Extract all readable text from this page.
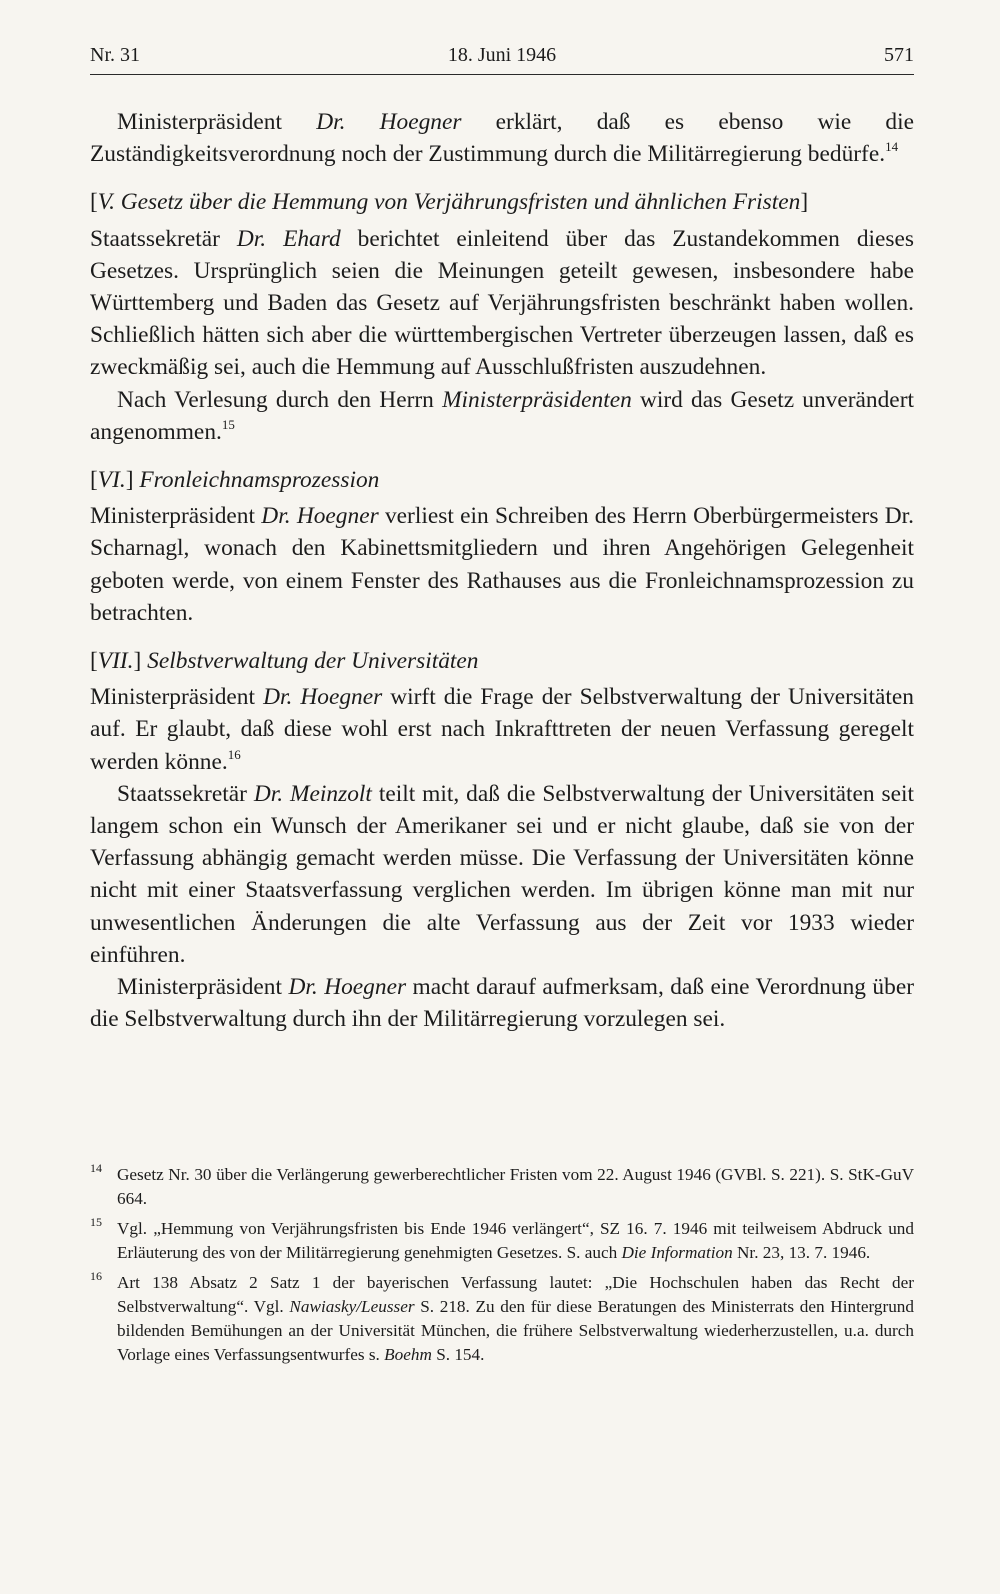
Nr. 31	18. Juni 1946	571

Ministerpräsident Dr. Hoegner erklärt, daß es ebenso wie die Zuständigkeitsverordnung noch der Zustimmung durch die Militärregierung bedürfe.$^{14}$

[V. Gesetz über die Hemmung von Verjährungsfristen und ähnlichen Fristen]

Staatssekretär Dr. Ehard berichtet einleitend über das Zustandekommen dieses Gesetzes. Ursprünglich seien die Meinungen geteilt gewesen, insbesondere habe Württemberg und Baden das Gesetz auf Verjährungsfristen beschränkt haben wollen. Schließlich hätten sich aber die württembergischen Vertreter überzeugen lassen, daß es zweckmäßig sei, auch die Hemmung auf Ausschlußfristen auszudehnen.

Nach Verlesung durch den Herrn Ministerpräsidenten wird das Gesetz unverändert angenommen.$^{15}$

[VI.] Fronleichnamsprozession

Ministerpräsident Dr. Hoegner verliest ein Schreiben des Herrn Oberbürgermeisters Dr. Scharnagl, wonach den Kabinettsmitgliedern und ihren Angehörigen Gelegenheit geboten werde, von einem Fenster des Rathauses aus die Fronleichnamsprozession zu betrachten.

[VII.] Selbstverwaltung der Universitäten

Ministerpräsident Dr. Hoegner wirft die Frage der Selbstverwaltung der Universitäten auf. Er glaubt, daß diese wohl erst nach Inkrafttreten der neuen Verfassung geregelt werden könne.$^{16}$

Staatssekretär Dr. Meinzolt teilt mit, daß die Selbstverwaltung der Universitäten seit langem schon ein Wunsch der Amerikaner sei und er nicht glaube, daß sie von der Verfassung abhängig gemacht werden müsse. Die Verfassung der Universitäten könne nicht mit einer Staatsverfassung verglichen werden. Im übrigen könne man mit nur unwesentlichen Änderungen die alte Verfassung aus der Zeit vor 1933 wieder einführen.

Ministerpräsident Dr. Hoegner macht darauf aufmerksam, daß eine Verordnung über die Selbstverwaltung durch ihn der Militärregierung vorzulegen sei.

14 Gesetz Nr. 30 über die Verlängerung gewerberechtlicher Fristen vom 22. August 1946 (GVBl. S. 221). S. StK-GuV 664.
15 Vgl. „Hemmung von Verjährungsfristen bis Ende 1946 verlängert“, SZ 16. 7. 1946 mit teilweisem Abdruck und Erläuterung des von der Militärregierung genehmigten Gesetzes. S. auch Die Information Nr. 23, 13. 7. 1946.
16 Art 138 Absatz 2 Satz 1 der bayerischen Verfassung lautet: „Die Hochschulen haben das Recht der Selbstverwaltung“. Vgl. Nawiasky/Leusser S. 218. Zu den für diese Beratungen des Ministerrats den Hintergrund bildenden Bemühungen an der Universität München, die frühere Selbstverwaltung wiederherzustellen, u.a. durch Vorlage eines Verfassungsentwurfes s. Boehm S. 154.
